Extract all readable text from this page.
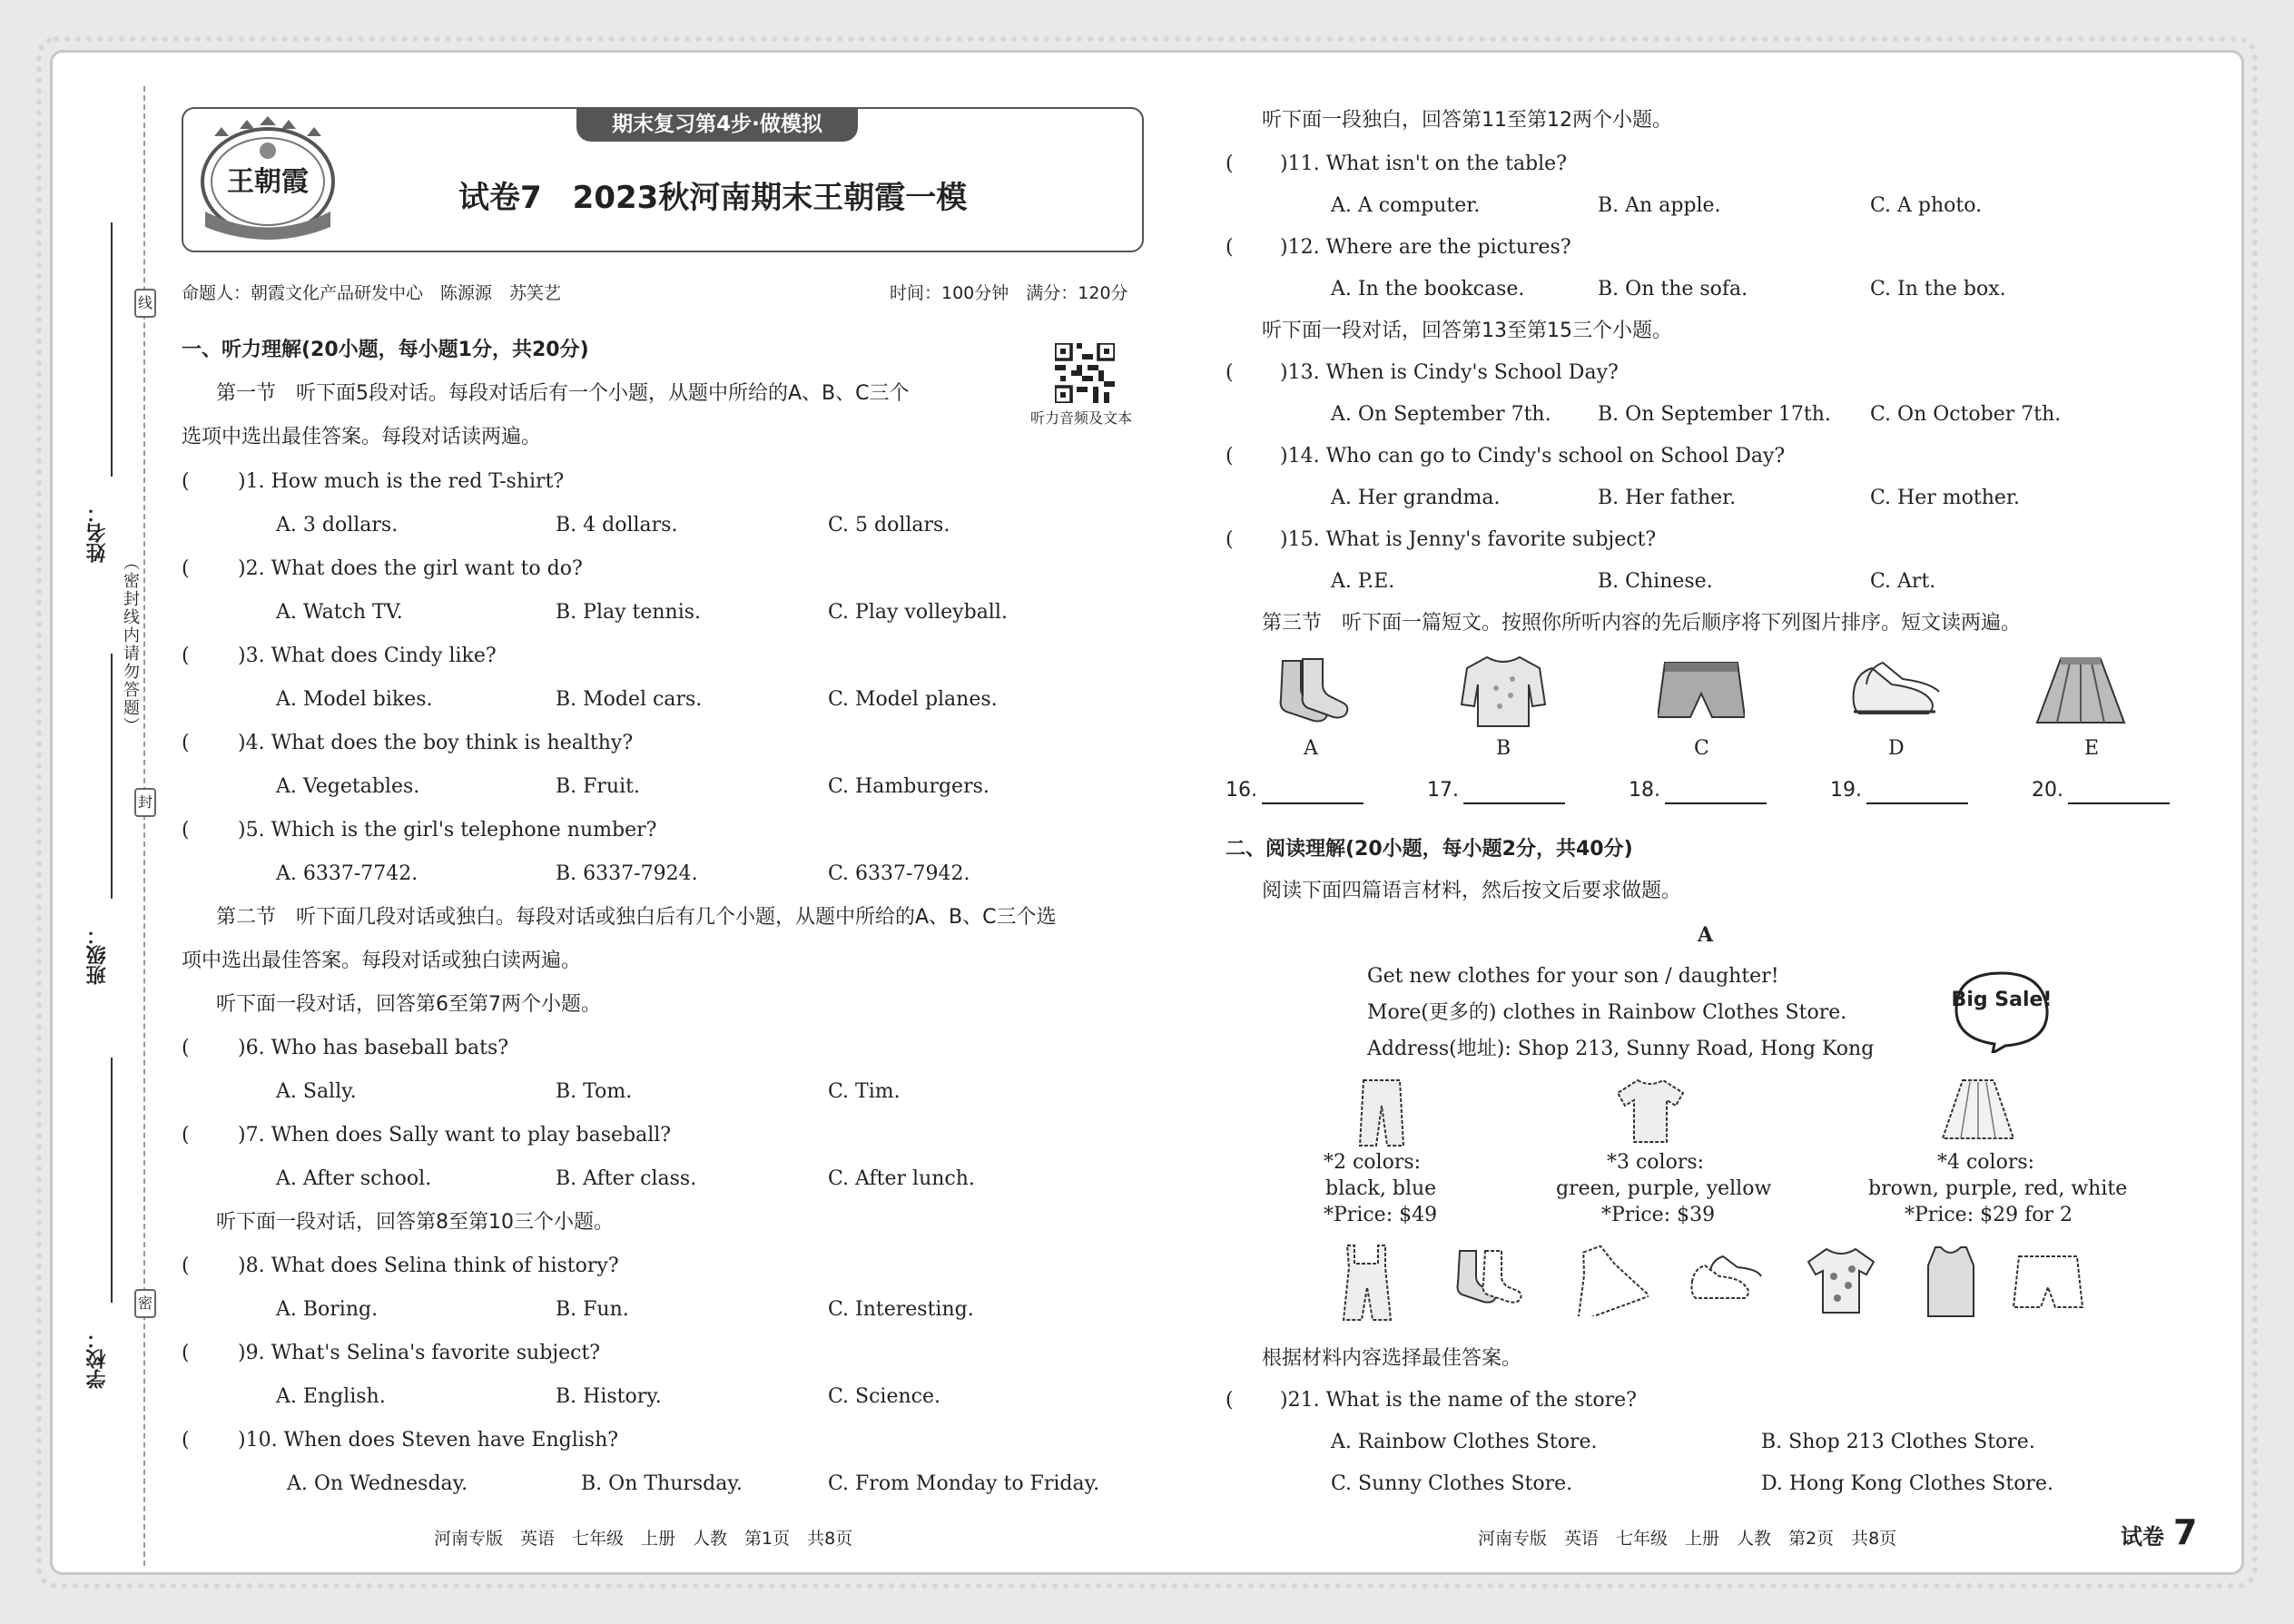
线
封
密
（密封线内请勿答题）
姓名：
班级：
学校：
期末复习第4步·做模拟
王朝霞	试卷7　2023秋河南期末王朝霞一模
命题人：朝霞文化产品研发中心　陈源源　苏笑艺	时间：100分钟　满分：120分
听力音频及文本
一、听力理解(20小题，每小题1分，共20分)
第一节　听下面5段对话。每段对话后有一个小题，从题中所给的A、B、C三个
选项中选出最佳答案。每段对话读两遍。
( )1. How much is the red T-shirt?
A. 3 dollars.	B. 4 dollars.	C. 5 dollars.
( )2. What does the girl want to do?
A. Watch TV.	B. Play tennis.	C. Play volleyball.
( )3. What does Cindy like?
A. Model bikes.	B. Model cars.	C. Model planes.
( )4. What does the boy think is healthy?
A. Vegetables.	B. Fruit.	C. Hamburgers.
( )5. Which is the girl's telephone number?
A. 6337-7742.	B. 6337-7924.	C. 6337-7942.
第二节　听下面几段对话或独白。每段对话或独白后有几个小题，从题中所给的A、B、C三个选
项中选出最佳答案。每段对话或独白读两遍。
听下面一段对话，回答第6至第7两个小题。
( )6. Who has baseball bats?
A. Sally.	B. Tom.	C. Tim.
( )7. When does Sally want to play baseball?
A. After school.	B. After class.	C. After lunch.
听下面一段对话，回答第8至第10三个小题。
( )8. What does Selina think of history?
A. Boring.	B. Fun.	C. Interesting.
( )9. What's Selina's favorite subject?
A. English.	B. History.	C. Science.
( )10. When does Steven have English?
A. On Wednesday.	B. On Thursday.	C. From Monday to Friday.
河南专版　英语　七年级　上册　人教　第1页　共8页
听下面一段独白，回答第11至第12两个小题。
( )11. What isn't on the table?
A. A computer.	B. An apple.	C. A photo.
( )12. Where are the pictures?
A. In the bookcase.	B. On the sofa.	C. In the box.
听下面一段对话，回答第13至第15三个小题。
( )13. When is Cindy's School Day?
A. On September 7th. B. On September 17th. C. On October 7th.
( )14. Who can go to Cindy's school on School Day?
A. Her grandma.	B. Her father.	C. Her mother.
( )15. What is Jenny's favorite subject?
A. P.E.	B. Chinese.	C. Art.
第三节　听下面一篇短文。按照你所听内容的先后顺序将下列图片排序。短文读两遍。
A	B	C	D	E
16.	17.	18.	19.	20.
二、阅读理解(20小题，每小题2分，共40分)
阅读下面四篇语言材料，然后按文后要求做题。
A
Get new clothes for your son / daughter!
More(更多的) clothes in Rainbow Clothes Store.
Address(地址): Shop 213, Sunny Road, Hong Kong
Big Sale!
*2 colors:
black, blue
*Price: $49
*3 colors:
green, purple, yellow
*Price: $39
*4 colors:
brown, purple, red, white
*Price: $29 for 2
根据材料内容选择最佳答案。
( )21. What is the name of the store?
A. Rainbow Clothes Store.	B. Shop 213 Clothes Store.
C. Sunny Clothes Store.	D. Hong Kong Clothes Store.
河南专版　英语　七年级　上册　人教　第2页　共8页	试卷 7
